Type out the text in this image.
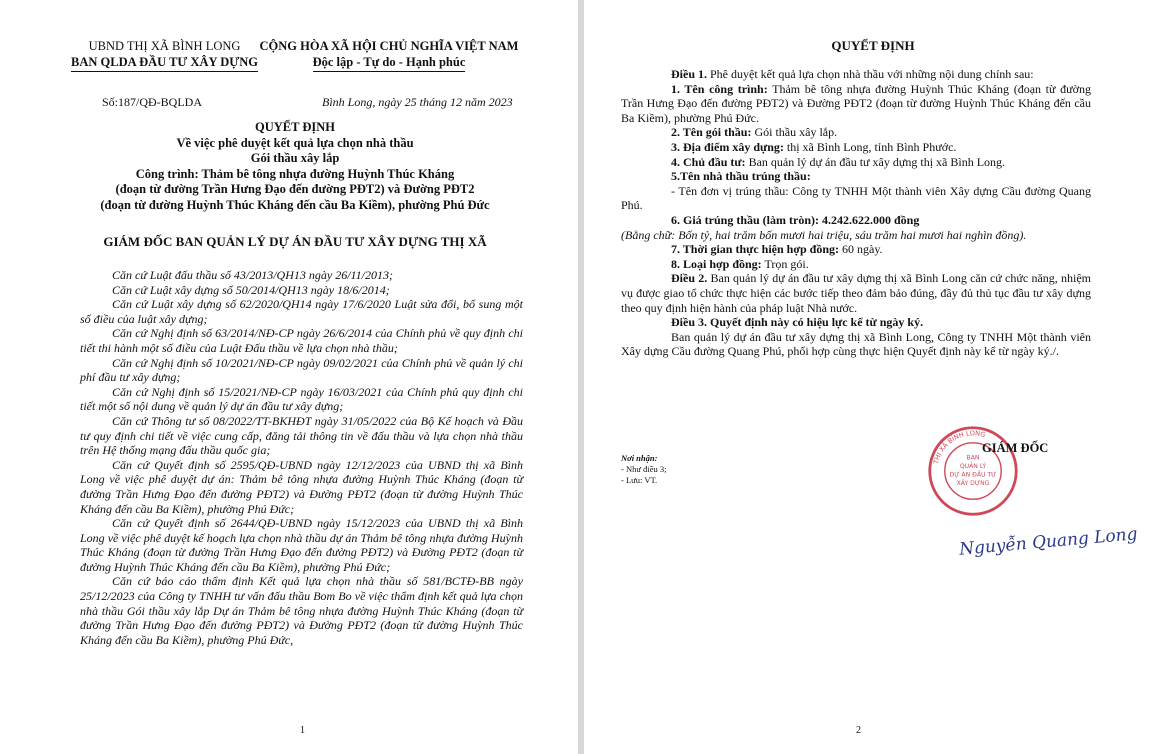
UBND THỊ XÃ BÌNH LONG
BAN QLDA ĐẦU TƯ XÂY DỰNG
CỘNG HÒA XÃ HỘI CHỦ NGHĨA VIỆT NAM
Độc lập - Tự do - Hạnh phúc
Số:187/QĐ-BQLDA	Bình Long, ngày 25 tháng 12 năm 2023
QUYẾT ĐỊNH
Về việc phê duyệt kết quả lựa chọn nhà thầu
Gói thầu xây lắp
Công trình: Thảm bê tông nhựa đường Huỳnh Thúc Kháng
(đoạn từ đường Trần Hưng Đạo đến đường PĐT2) và Đường PĐT2
(đoạn từ đường Huỳnh Thúc Kháng đến cầu Ba Kiềm), phường Phú Đức
GIÁM ĐỐC BAN QUẢN LÝ DỰ ÁN ĐẦU TƯ XÂY DỰNG THỊ XÃ

Căn cứ Luật đấu thầu số 43/2013/QH13 ngày 26/11/2013;

Căn cứ Luật xây dựng số 50/2014/QH13 ngày 18/6/2014;

Căn cứ Luật xây dựng số 62/2020/QH14 ngày 17/6/2020 Luật sửa đổi, bổ sung một số điều của luật xây dựng;

Căn cứ Nghị định số 63/2014/NĐ-CP ngày 26/6/2014 của Chính phủ về quy định chi tiết thi hành một số điều của Luật Đấu thầu về lựa chọn nhà thầu;

Căn cứ Nghị định số 10/2021/NĐ-CP ngày 09/02/2021 của Chính phủ về quản lý chi phí đầu tư xây dựng;

Căn cứ Nghị định số 15/2021/NĐ-CP ngày 16/03/2021 của Chính phủ quy định chi tiết một số nội dung về quản lý dự án đầu tư xây dựng;

Căn cứ Thông tư số 08/2022/TT-BKHĐT ngày 31/05/2022 của Bộ Kế hoạch và Đầu tư quy định chi tiết về việc cung cấp, đăng tải thông tin về đấu thầu và lựa chọn nhà thầu trên Hệ thống mạng đấu thầu quốc gia;

Căn cứ Quyết định số 2595/QĐ-UBND ngày 12/12/2023 của UBND thị xã Bình Long về việc phê duyệt dự án: Thảm bê tông nhựa đường Huỳnh Thúc Kháng (đoạn từ đường Trần Hưng Đạo đến đường PĐT2) và Đường PĐT2 (đoạn từ đường Huỳnh Thúc Kháng đến cầu Ba Kiềm), phường Phú Đức;

Căn cứ Quyết định số 2644/QĐ-UBND ngày 15/12/2023 của UBND thị xã Bình Long về việc phê duyệt kế hoạch lựa chọn nhà thầu dự án Thảm bê tông nhựa đường Huỳnh Thúc Kháng (đoạn từ đường Trần Hưng Đạo đến đường PĐT2) và Đường PĐT2 (đoạn từ đường Huỳnh Thúc Kháng đến cầu Ba Kiềm), phường Phú Đức;

Căn cứ báo cáo thẩm định Kết quả lựa chọn nhà thầu số 581/BCTĐ-BB ngày 25/12/2023 của Công ty TNHH tư vấn đấu thầu Bom Bo về việc thẩm định kết quả lựa chọn nhà thầu Gói thầu xây lắp Dự án Thảm bê tông nhựa đường Huỳnh Thúc Kháng (đoạn từ đường Trần Hưng Đạo đến đường PĐT2) và Đường PĐT2 (đoạn từ đường Huỳnh Thúc Kháng đến cầu Ba Kiềm), phường Phú Đức,

1
QUYẾT ĐỊNH

Điều 1. Phê duyệt kết quả lựa chọn nhà thầu với những nội dung chính sau:

1. Tên công trình: Thảm bê tông nhựa đường Huỳnh Thúc Kháng (đoạn từ đường Trần Hưng Đạo đến đường PĐT2) và Đường PĐT2 (đoạn từ đường Huỳnh Thúc Kháng đến cầu Ba Kiềm), phường Phú Đức.

2. Tên gói thầu: Gói thầu xây lắp.

3. Địa điểm xây dựng: thị xã Bình Long, tỉnh Bình Phước.

4. Chủ đầu tư: Ban quản lý dự án đầu tư xây dựng thị xã Bình Long.

5.Tên nhà thầu trúng thầu:

- Tên đơn vị trúng thầu: Công ty TNHH Một thành viên Xây dựng Cầu đường Quang Phú.

6. Giá trúng thầu (làm tròn): 4.242.622.000 đồng

(Bằng chữ: Bốn tỷ, hai trăm bốn mươi hai triệu, sáu trăm hai mươi hai nghìn đồng).

7. Thời gian thực hiện hợp đồng: 60 ngày.

8. Loại hợp đồng: Trọn gói.

Điều 2. Ban quản lý dự án đầu tư xây dựng thị xã Bình Long căn cứ chức năng, nhiệm vụ được giao tổ chức thực hiện các bước tiếp theo đảm bảo đúng, đầy đủ thủ tục đầu tư xây dựng theo quy định hiện hành của pháp luật Nhà nước.

Điều 3. Quyết định này có hiệu lực kể từ ngày ký.

Ban quản lý dự án đầu tư xây dựng thị xã Bình Long, Công ty TNHH Một thành viên Xây dựng Cầu đường Quang Phú, phối hợp cùng thực hiện Quyết định này kể từ ngày ký./.

Nơi nhận:
- Như điều 3;
- Lưu: VT.
THỊ XÃ BÌNH LONG
BAN
QUẢN LÝ
DỰ ÁN ĐẦU TƯ
XÂY DỰNG
GIÁM ĐỐC
Nguyễn Quang Long
2
